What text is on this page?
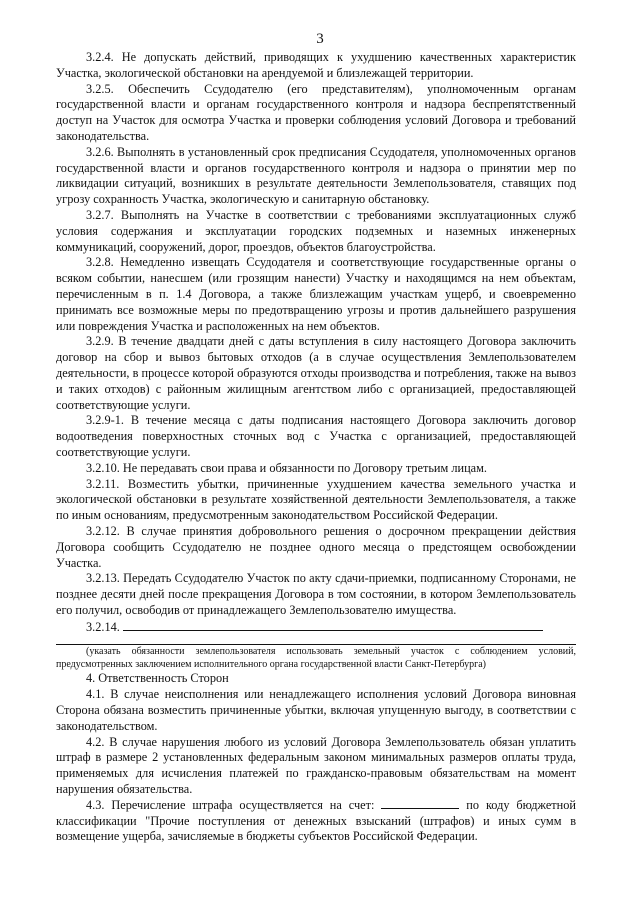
3

3.2.4. Не допускать действий, приводящих к ухудшению качественных характеристик Участка, экологической обстановки на арендуемой и близлежащей территории.

3.2.5. Обеспечить Ссудодателю (его представителям), уполномоченным органам государственной власти и органам государственного контроля и надзора беспрепятственный доступ на Участок для осмотра Участка и проверки соблюдения условий Договора и требований законодательства.

3.2.6. Выполнять в установленный срок предписания Ссудодателя, уполномоченных органов государственной власти и органов государственного контроля и надзора о принятии мер по ликвидации ситуаций, возникших в результате деятельности Землепользователя, ставящих под угрозу сохранность Участка, экологическую и санитарную обстановку.

3.2.7. Выполнять на Участке в соответствии с требованиями эксплуатационных служб условия содержания и эксплуатации городских подземных и наземных инженерных коммуникаций, сооружений, дорог, проездов, объектов благоустройства.

3.2.8. Немедленно извещать Ссудодателя и соответствующие государственные органы о всяком событии, нанесшем (или грозящим нанести) Участку и находящимся на нем объектам, перечисленным в п. 1.4 Договора, а также близлежащим участкам ущерб, и своевременно принимать все возможные меры по предотвращению угрозы и против дальнейшего разрушения или повреждения Участка и расположенных на нем объектов.

3.2.9. В течение двадцати дней с даты вступления в силу настоящего Договора заключить договор на сбор и вывоз бытовых отходов (а в случае осуществления Землепользователем деятельности, в процессе которой образуются отходы производства и потребления, также на вывоз и таких отходов) с районным жилищным агентством либо с организацией, предоставляющей соответствующие услуги.

3.2.9-1. В течение месяца с даты подписания настоящего Договора заключить договор водоотведения поверхностных сточных вод с Участка с организацией, предоставляющей соответствующие услуги.

3.2.10. Не передавать свои права и обязанности по Договору третьим лицам.

3.2.11. Возместить убытки, причиненные ухудшением качества земельного участка и экологической обстановки в результате хозяйственной деятельности Землепользователя, а также по иным основаниям, предусмотренным законодательством Российской Федерации.

3.2.12. В случае принятия добровольного решения о досрочном прекращении действия Договора сообщить Ссудодателю не позднее одного месяца о предстоящем освобождении Участка.

3.2.13. Передать Ссудодателю Участок по акту сдачи-приемки, подписанному Сторонами, не позднее десяти дней после прекращения Договора в том состоянии, в котором Землепользователь его получил, освободив от принадлежащего Землепользователю имущества.

3.2.14.

(указать обязанности землепользователя использовать земельный участок с соблюдением условий, предусмотренных заключением исполнительного органа государственной власти Санкт-Петербурга)

4. Ответственность Сторон

4.1. В случае неисполнения или ненадлежащего исполнения условий Договора виновная Сторона обязана возместить причиненные убытки, включая упущенную выгоду, в соответствии с законодательством.

4.2. В случае нарушения любого из условий Договора Землепользователь обязан уплатить штраф в размере 2 установленных федеральным законом минимальных размеров оплаты труда, применяемых для исчисления платежей по гражданско-правовым обязательствам на момент нарушения обязательства.

4.3. Перечисление штрафа осуществляется на счет:	по коду бюджетной классификации "Прочие поступления от денежных взысканий (штрафов) и иных сумм в возмещение ущерба, зачисляемые в бюджеты субъектов Российской Федерации.
